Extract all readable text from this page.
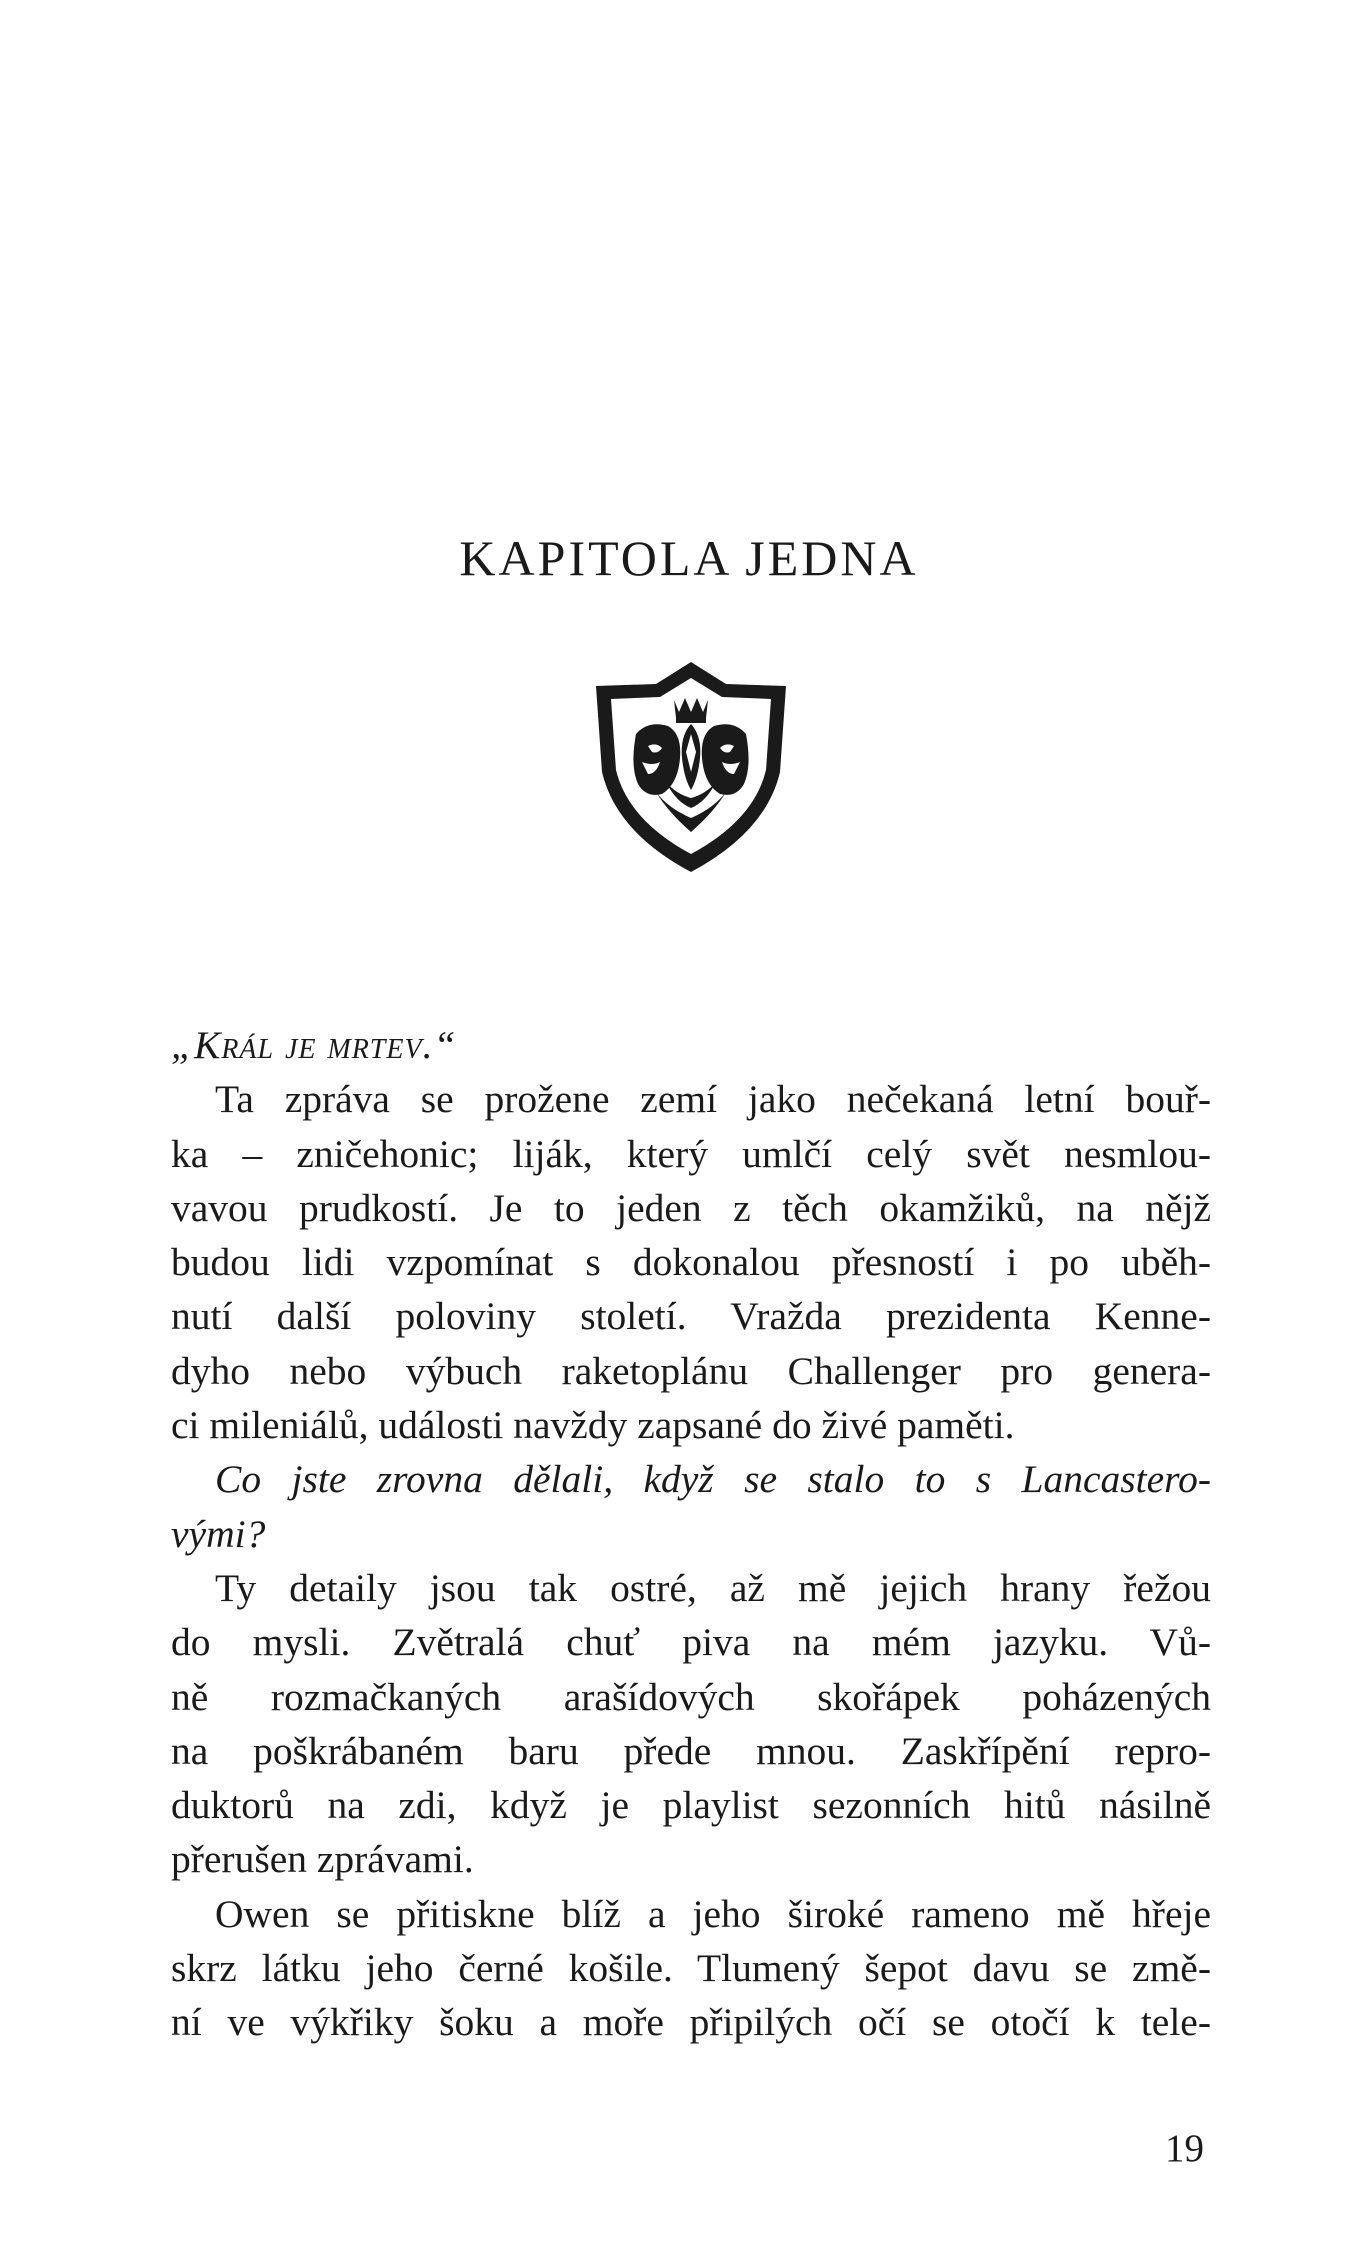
KAPITOLA JEDNA
„Král je mrtev.“
Ta zpráva se proženе zemí jako nečekaná letní bouř-
ka – zničehonic; liják, který umlčí celý svět nesmlou-
vavou prudkostí. Je to jeden z těch okamžiků, na nějž
budou lidi vzpomínat s dokonalou přesností i po uběh-
nutí další poloviny století. Vražda prezidenta Kenne-
dyho nebo výbuch raketoplánu Challenger pro genera-
ci mileniálů, události navždy zapsané do živé paměti.
Co jste zrovna dělali, když se stalo to s Lancastero-
vými?
Ty detaily jsou tak ostré, až mě jejich hrany řežou
do mysli. Zvětralá chuť piva na mém jazyku. Vů-
ně rozmačkaných arašídových skořápek poházených
na poškrábaném baru přede mnou. Zaskřípění repro-
duktorů na zdi, když je playlist sezonních hitů násilně
přerušen zprávami.
Owen se přitiskne blíž a jeho široké rameno mě hřeje
skrz látku jeho černé košile. Tlumený šepot davu se změ-
ní ve výkřiky šoku a moře připilých očí se otočí k tele-
19
